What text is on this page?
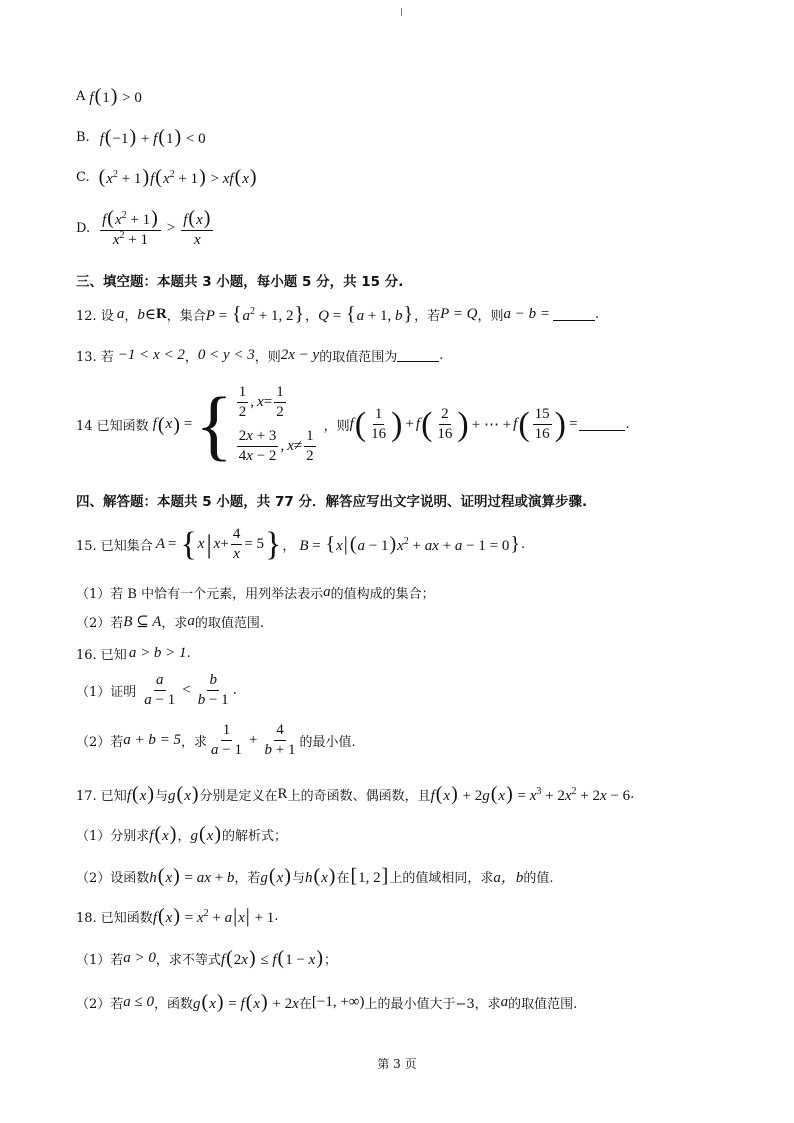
A f(1) > 0
B. f(−1) + f(1) < 0
C. $(x^2 + 1)f(x^2 + 1) > xf(x)$
D. $\frac{f(x^2 + 1)}{x^2 + 1} > \frac{f(x)}{x}$
三、填空题：本题共 3 小题，每小题 5 分，共 15 分.
12. 设 a ， b∈ R ，集合 $P = \{a^2 + 1$, 2} ， Q = {a + 1, b} ，若 P = Q ，则 a − b =	.
13. 若 −1 < x < 2 ， 0 < y < 3 ，则 2x − y 的取值范围为	.
14 已知函数 f ( x ) = { $\frac{1}{2}$ , $x = \frac{1}{2}$
$\frac{2x + 3}{4x - 2}$ , $x \ne \frac{1}{2}$
，则 f ( $\frac{1}{16}$ ) + f ( $\frac{2}{16}$ ) + ⋯ + f ( $\frac{15}{16}$ ) =	.
四、解答题：本题共 5 小题，共 77 分．解答应写出文字说明、证明过程或演算步骤.
15. 已知集合 A = { x | $x + \frac{4}{x} = 5$ } ， B = {x| $(a - 1)x^2$ + ax + a − 1 = 0} .
（1）若 B 中恰有一个元素，用列举法表示 a 的值构成的集合；
（2）若 B ⊆ A ，求 a 的取值范围.
16. 已知 a > b > 1 .
（1）证明 $\frac{a}{a - 1} < \frac{b}{b - 1}$ .
（2）若 a + b = 5 ，求 $\frac{1}{a - 1} + \frac{4}{b + 1}$ 的最小值.
17. 已知 f(x) 与 g(x) 分别是定义在 R 上的奇函数、偶函数，且 $f(x) + 2g(x) = x^3 + 2x^2 + 2x - 6$ .
（1）分别求 f(x) ， g(x) 的解析式；
（2）设函数 h(x) = ax + b ，若 g(x) 与 h(x) 在 [1, 2] 上的值域相同，求 a，b 的值.
18. 已知函数 $f(x) = x^2 + a|x| + 1$ .
（1）若 a > 0 ，求不等式 f(2x) ≤ f(1 − x) ；
（2）若 a ≤ 0 ，函数 g(x) = f(x) + 2x 在 [−1, +∞) 上的最小值大于−3，求 a 的取值范围.
第 3 页
